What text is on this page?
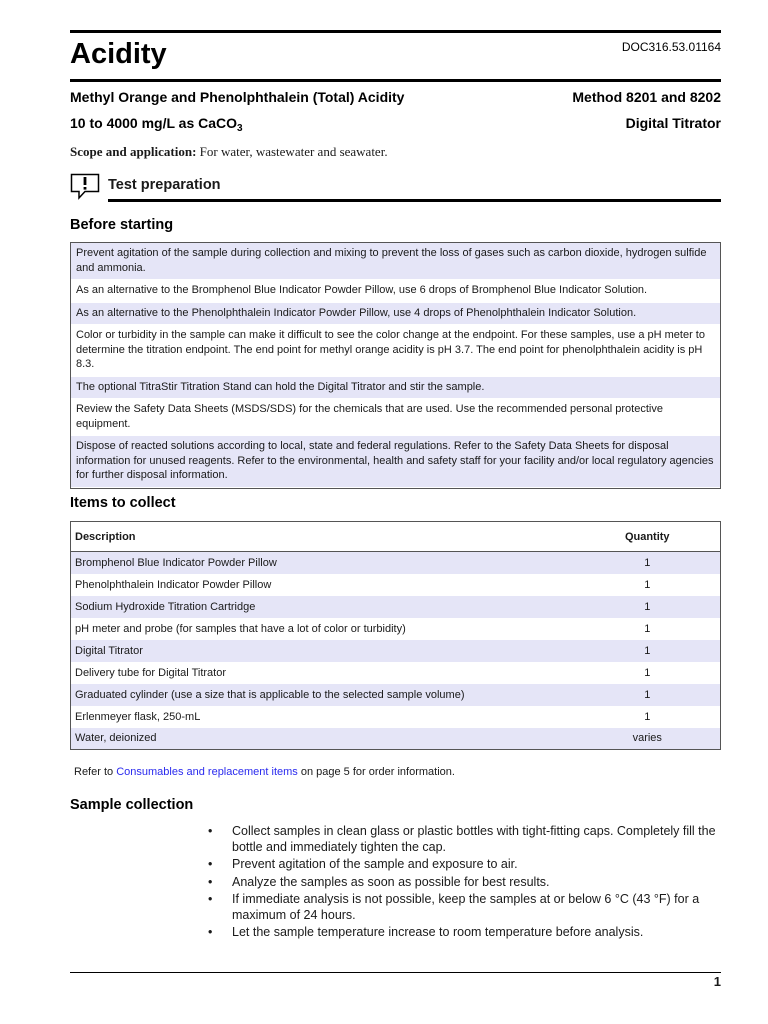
Acidity	DOC316.53.01164
Methyl Orange and Phenolphthalein (Total) Acidity	Method 8201 and 8202
10 to 4000 mg/L as CaCO$_3$	Digital Titrator
Scope and application: For water, wastewater and seawater.
Test preparation
Before starting
Prevent agitation of the sample during collection and mixing to prevent the loss of gases such as carbon dioxide, hydrogen sulfide and ammonia.
As an alternative to the Bromphenol Blue Indicator Powder Pillow, use 6 drops of Bromphenol Blue Indicator Solution.
As an alternative to the Phenolphthalein Indicator Powder Pillow, use 4 drops of Phenolphthalein Indicator Solution.
Color or turbidity in the sample can make it difficult to see the color change at the endpoint. For these samples, use a pH meter to determine the titration endpoint. The end point for methyl orange acidity is pH 3.7. The end point for phenolphthalein acidity is pH 8.3.
The optional TitraStir Titration Stand can hold the Digital Titrator and stir the sample.
Review the Safety Data Sheets (MSDS/SDS) for the chemicals that are used. Use the recommended personal protective equipment.
Dispose of reacted solutions according to local, state and federal regulations. Refer to the Safety Data Sheets for disposal information for unused reagents. Refer to the environmental, health and safety staff for your facility and/or local regulatory agencies for further disposal information.
Items to collect
Description	Quantity
Bromphenol Blue Indicator Powder Pillow	1
Phenolphthalein Indicator Powder Pillow	1
Sodium Hydroxide Titration Cartridge	1
pH meter and probe (for samples that have a lot of color or turbidity)	1
Digital Titrator	1
Delivery tube for Digital Titrator	1
Graduated cylinder (use a size that is applicable to the selected sample volume)	1
Erlenmeyer flask, 250-mL	1
Water, deionized	varies

Refer to Consumables and replacement items on page 5 for order information.

Sample collection
• Collect samples in clean glass or plastic bottles with tight-fitting caps. Completely fill the bottle and immediately tighten the cap.
• Prevent agitation of the sample and exposure to air.
• Analyze the samples as soon as possible for best results.
• If immediate analysis is not possible, keep the samples at or below 6 °C (43 °F) for a maximum of 24 hours.
• Let the sample temperature increase to room temperature before analysis.
1
